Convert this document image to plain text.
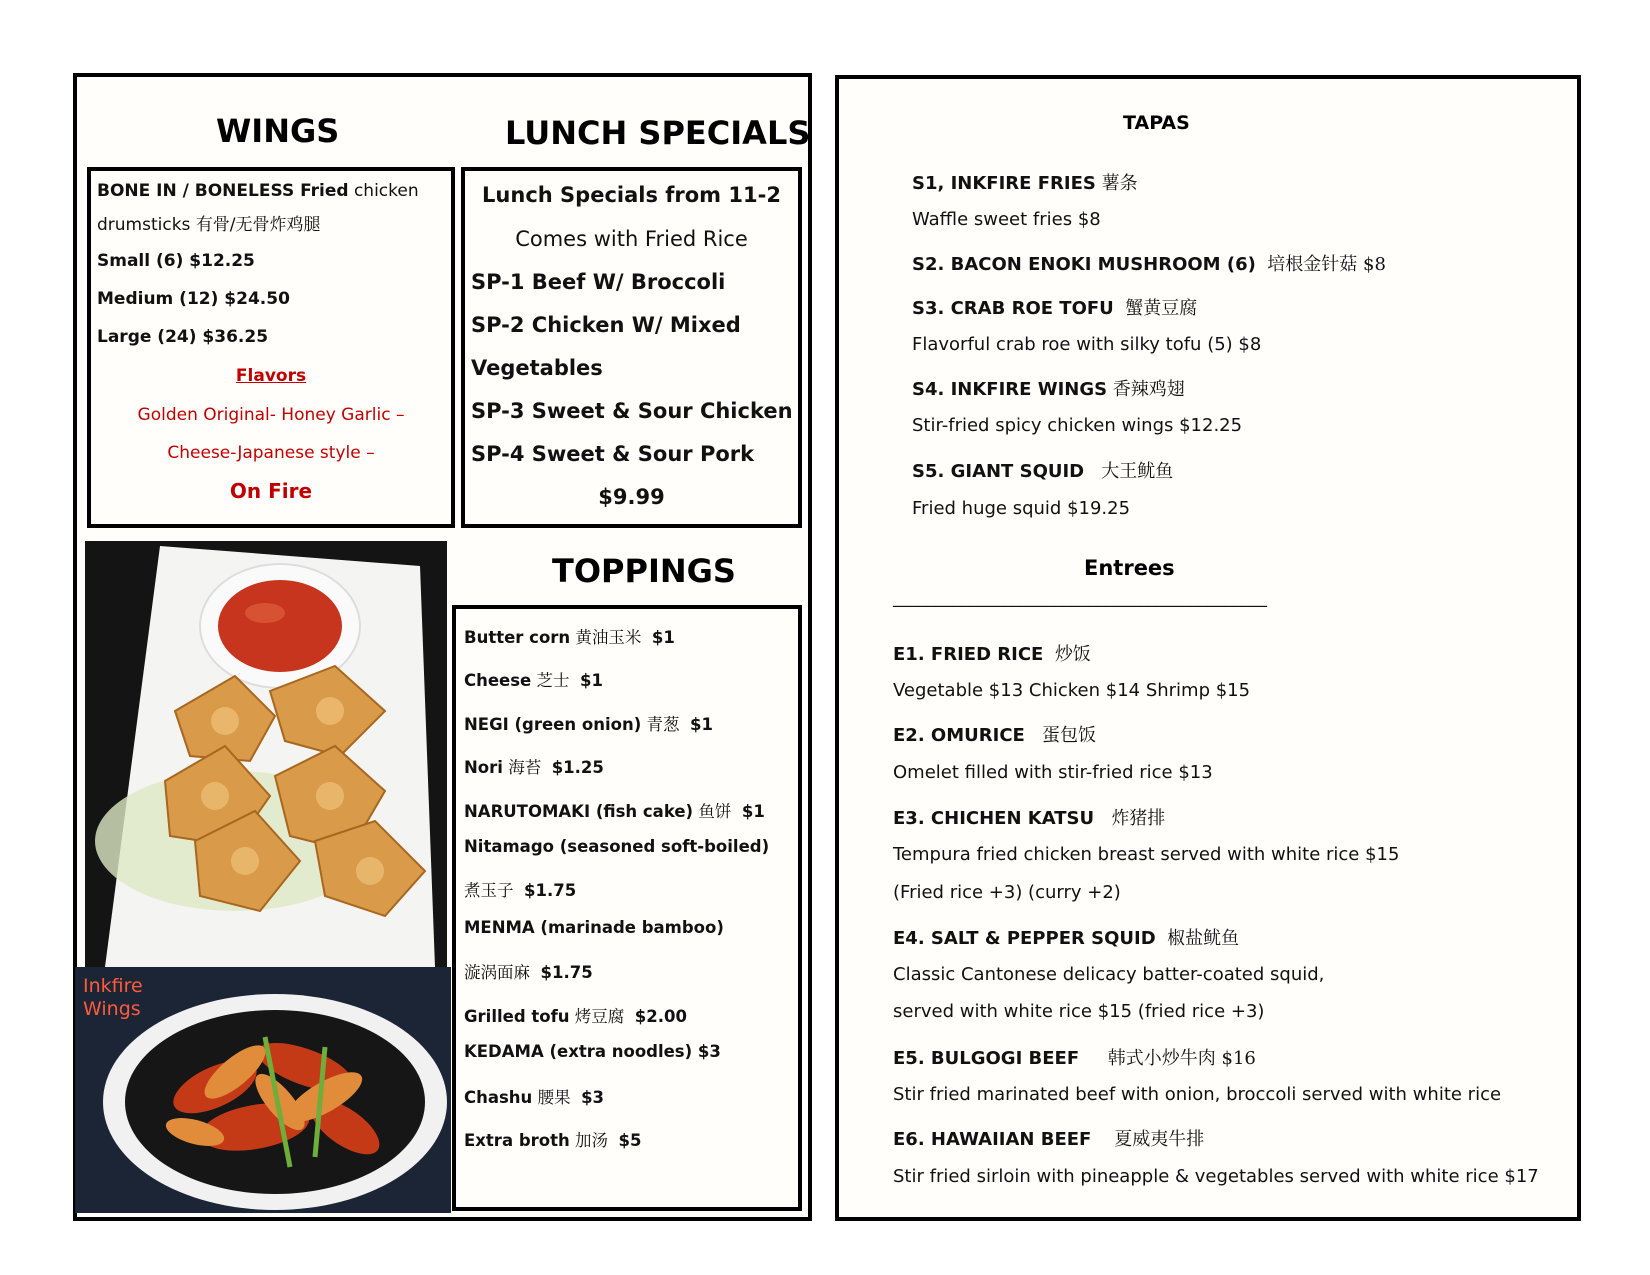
WINGS	LUNCH SPECIALS
BONE IN / BONELESS Fried chicken
drumsticks 有骨/无骨炸鸡腿
Small (6) $12.25
Medium (12) $24.50
Large (24) $36.25
Flavors
Golden Original- Honey Garlic –
Cheese-Japanese style –
On Fire
Lunch Specials from 11-2
Comes with Fried Rice
SP-1 Beef W/ Broccoli
SP-2 Chicken W/ Mixed
Vegetables
SP-3 Sweet & Sour Chicken
SP-4 Sweet & Sour Pork
$9.99
Inkfire
Wings
TOPPINGS
Butter corn 黄油玉米 $1
Cheese 芝士 $1
NEGI (green onion) 青葱 $1
Nori 海苔 $1.25
NARUTOMAKI (fish cake) 鱼饼 $1
Nitamago (seasoned soft-boiled)
煮玉子 $1.75
MENMA (marinade bamboo)
漩涡面麻 $1.75
Grilled tofu 烤豆腐 $2.00
KEDAMA (extra noodles) $3
Chashu 腰果 $3
Extra broth 加汤 $5
TAPAS
S1, INKFIRE FRIES 薯条
Waffle sweet fries $8
S2. BACON ENOKI MUSHROOM (6) 培根金针菇 $8
S3. CRAB ROE TOFU 蟹黄豆腐
Flavorful crab roe with silky tofu (5) $8
S4. INKFIRE WINGS 香辣鸡翅
Stir-fried spicy chicken wings $12.25
S5. GIANT SQUID 大王鱿鱼
Fried huge squid $19.25
Entrees
____________________________________________
E1. FRIED RICE 炒饭
Vegetable $13 Chicken $14 Shrimp $15
E2. OMURICE 蛋包饭
Omelet filled with stir-fried rice $13
E3. CHICHEN KATSU 炸猪排
Tempura fried chicken breast served with white rice $15
(Fried rice +3) (curry +2)
E4. SALT & PEPPER SQUID 椒盐鱿鱼
Classic Cantonese delicacy batter-coated squid,
served with white rice $15 (fried rice +3)
E5. BULGOGI BEEF 韩式小炒牛肉 $16
Stir fried marinated beef with onion, broccoli served with white rice
E6. HAWAIIAN BEEF 夏威夷牛排
Stir fried sirloin with pineapple & vegetables served with white rice $17
